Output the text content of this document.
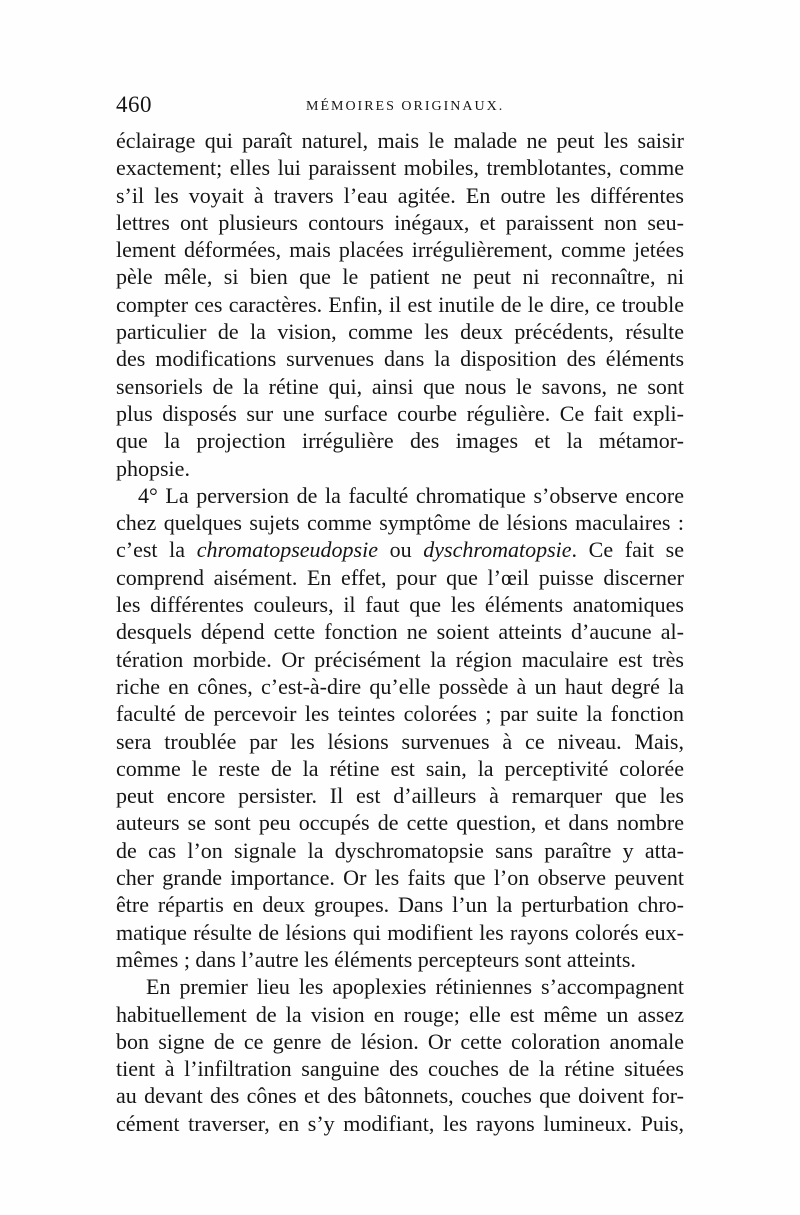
460	MÉMOIRES ORIGINAUX.
éclairage qui paraît naturel, mais le malade ne peut les saisir
exactement; elles lui paraissent mobiles, tremblotantes, comme
s’il les voyait à travers l’eau agitée. En outre les différentes
lettres ont plusieurs contours inégaux, et paraissent non seu-
lement déformées, mais placées irrégulièrement, comme jetées
pèle mêle, si bien que le patient ne peut ni reconnaître, ni
compter ces caractères. Enfin, il est inutile de le dire, ce trouble
particulier de la vision, comme les deux précédents, résulte
des modifications survenues dans la disposition des éléments
sensoriels de la rétine qui, ainsi que nous le savons, ne sont
plus disposés sur une surface courbe régulière. Ce fait expli-
que la projection irrégulière des images et la métamor-
phopsie.
4° La perversion de la faculté chromatique s’observe encore
chez quelques sujets comme symptôme de lésions maculaires :
c’est la chromatopseudopsie ou dyschromatopsie. Ce fait se
comprend aisément. En effet, pour que l’œil puisse discerner
les différentes couleurs, il faut que les éléments anatomiques
desquels dépend cette fonction ne soient atteints d’aucune al-
tération morbide. Or précisément la région maculaire est très
riche en cônes, c’est-à-dire qu’elle possède à un haut degré la
faculté de percevoir les teintes colorées ; par suite la fonction
sera troublée par les lésions survenues à ce niveau. Mais,
comme le reste de la rétine est sain, la perceptivité colorée
peut encore persister. Il est d’ailleurs à remarquer que les
auteurs se sont peu occupés de cette question, et dans nombre
de cas l’on signale la dyschromatopsie sans paraître y atta-
cher grande importance. Or les faits que l’on observe peuvent
être répartis en deux groupes. Dans l’un la perturbation chro-
matique résulte de lésions qui modifient les rayons colorés eux-
mêmes ; dans l’autre les éléments percepteurs sont atteints.
En premier lieu les apoplexies rétiniennes s’accompagnent
habituellement de la vision en rouge; elle est même un assez
bon signe de ce genre de lésion. Or cette coloration anomale
tient à l’infiltration sanguine des couches de la rétine situées
au devant des cônes et des bâtonnets, couches que doivent for-
cément traverser, en s’y modifiant, les rayons lumineux. Puis,
